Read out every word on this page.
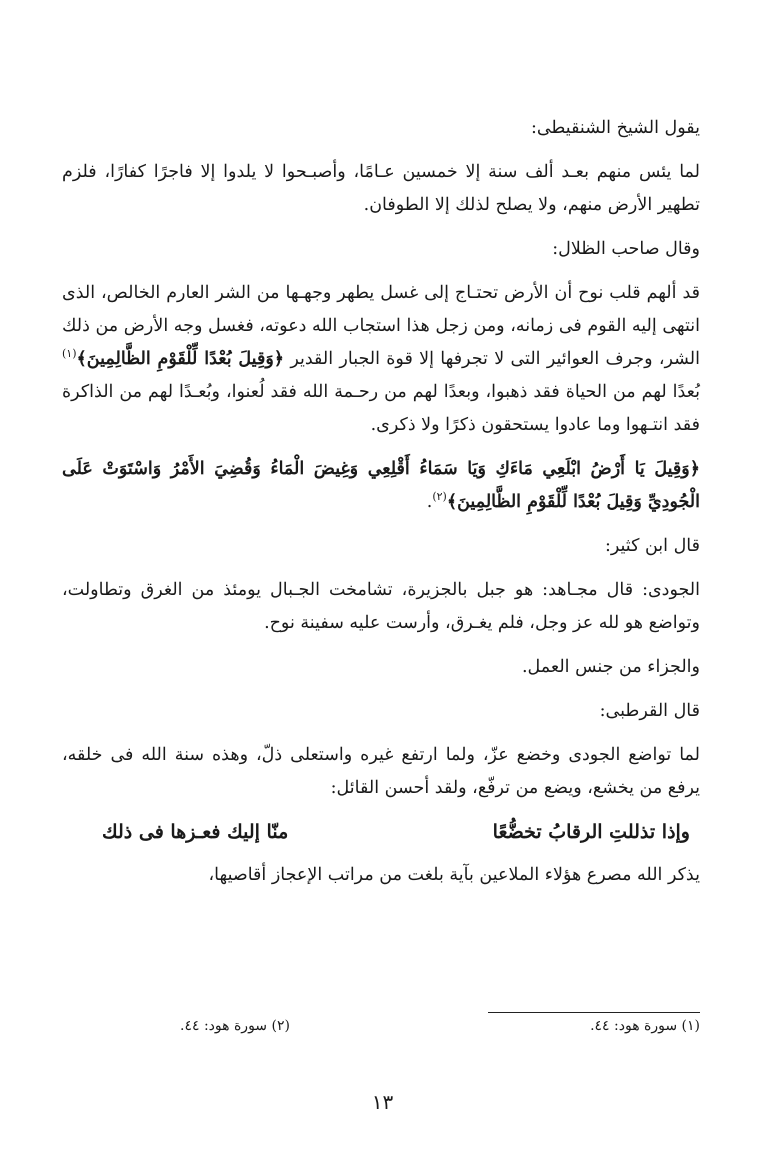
يقول الشيخ الشنقيطى:

لما يئس منهم بعـد ألف سنة إلا خمسين عـامًا، وأصبـحوا لا يلدوا إلا فاجرًا كفارًا، فلزم تطهير الأرض منهم، ولا يصلح لذلك إلا الطوفان.

وقال صاحب الظلال:

قد ألهم قلب نوح أن الأرض تحتـاج إلى غسل يطهر وجهـها من الشر العارم الخالص، الذى انتهى إليه القوم فى زمانه، ومن زجل هذا استجاب الله دعوته، فغسل وجه الأرض من ذلك الشر، وجرف العوائير التى لا تجرفها إلا قوة الجبار القدير ﴿وَقِيلَ بُعْدًا لِّلْقَوْمِ الظَّالِمِينَ﴾$^{(١)}$ بُعدًا لهم من الحياة فقد ذهبوا، وبعدًا لهم من رحـمة الله فقد لُعنوا، وبُعـدًا لهم من الذاكرة فقد انتـهوا وما عادوا يستحقون ذكرًا ولا ذكرى.

﴿وَقِيلَ يَا أَرْضُ ابْلَعِي مَاءَكِ وَيَا سَمَاءُ أَقْلِعِي وَغِيضَ الْمَاءُ وَقُضِيَ الأَمْرُ وَاسْتَوَتْ عَلَى الْجُودِيِّ وَقِيلَ بُعْدًا لِّلْقَوْمِ الظَّالِمِينَ﴾$^{(٢)}$.

قال ابن كثير:

الجودى: قال مجـاهد: هو جبل بالجزيرة، تشامخت الجـبال يومئذ من الغرق وتطاولت، وتواضع هو لله عز وجل، فلم يغـرق، وأرست عليه سفينة نوح.

والجزاء من جنس العمل.

قال القرطبى:

لما تواضع الجودى وخضع عزّ، ولما ارتفع غيره واستعلى ذلّ، وهذه سنة الله فى خلقه، يرفع من يخشع، ويضع من ترفّع، ولقد أحسن القائل:

وإذا تذللتِ الرقابُ تخضُّعًا
منّا إليك فعـزها فى ذلك

يذكر الله مصرع هؤلاء الملاعين بآية بلغت من مراتب الإعجاز أقاصيها،

(١) سورة هود: ٤٤.
(٢) سورة هود: ٤٤.
١٣
